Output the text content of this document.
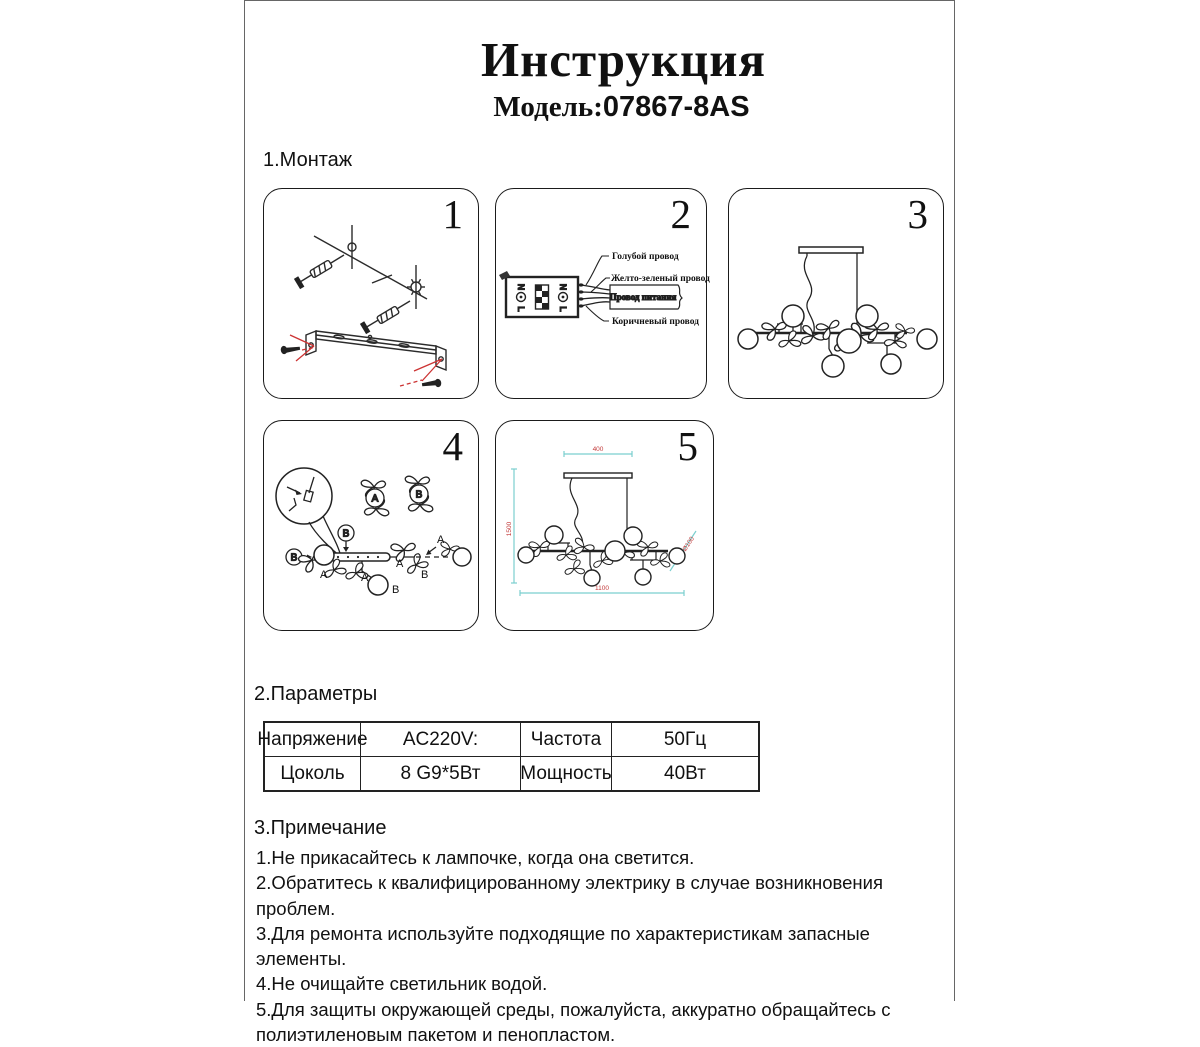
Инструкция
Модель:07867-8AS
1.Монтаж
1
N
L
N
L
Провод питания
Голубой провод
Желто-зеленый провод
Коричневый провод
2	3
A	B
B
B
A	A
A
B
B
A
4	400
1500
1100
Ø100
5
2.Параметры
Напряжение	AC220V:	Частота	50Гц
Цоколь	8 G9*5Вт	Мощность	40Вт
3.Примечание
1.Не прикасайтесь к лампочке, когда она светится.
2.Обратитесь к квалифицированному электрику в случае возникновения проблем.
3.Для ремонта используйте подходящие по характеристикам запасные элементы.
4.Не очищайте светильник водой.
5.Для защиты окружающей среды, пожалуйста, аккуратно обращайтесь с полиэтиленовым пакетом и пенопластом.
